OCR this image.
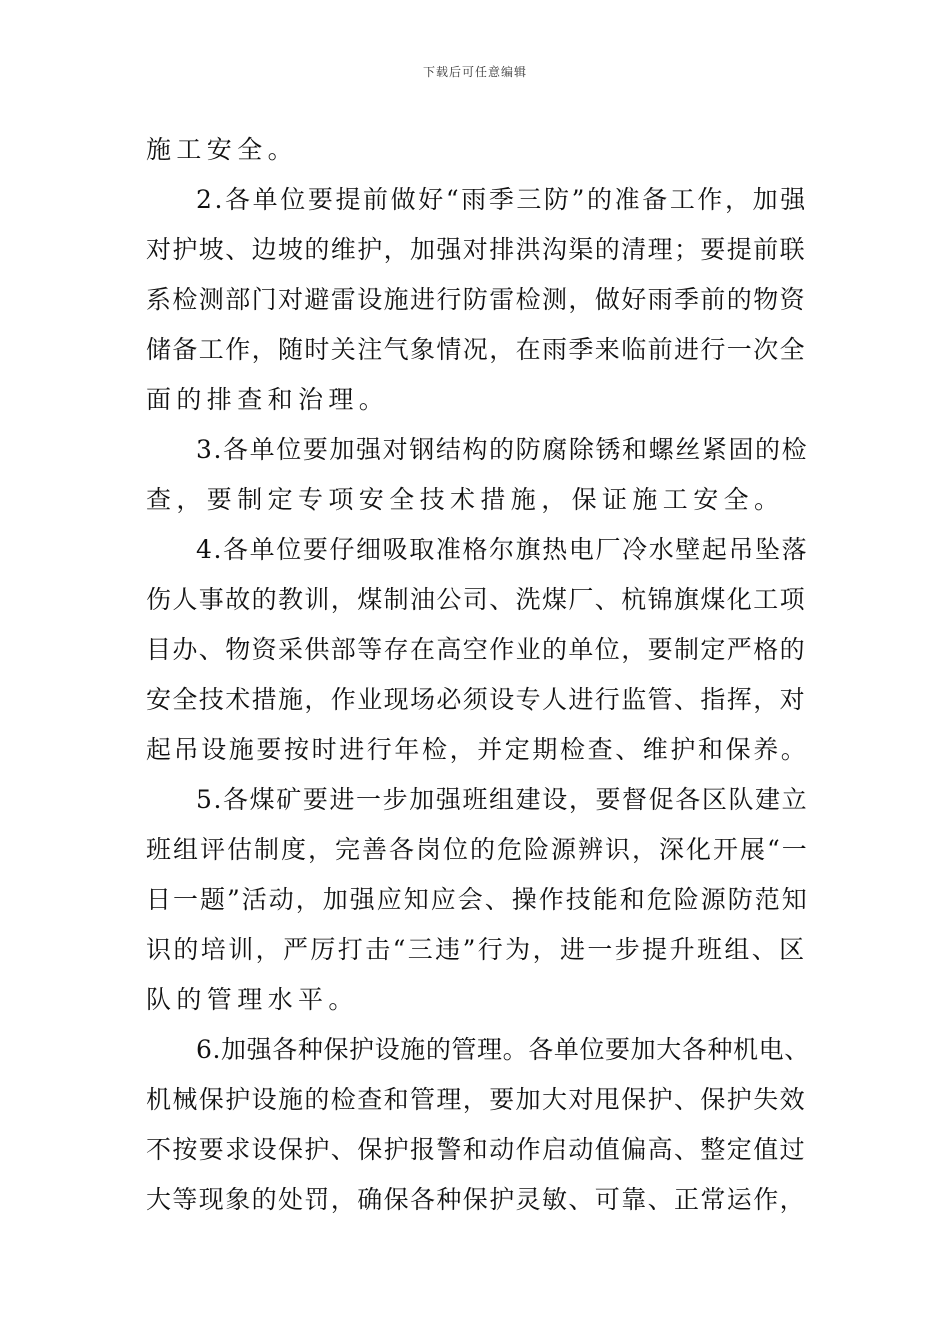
下载后可任意编辑
施工安全。
2.各单位要提前做好“雨季三防”的准备工作，加强
对护坡、边坡的维护，加强对排洪沟渠的清理；要提前联
系检测部门对避雷设施进行防雷检测，做好雨季前的物资
储备工作，随时关注气象情况，在雨季来临前进行一次全
面的排查和治理。
3.各单位要加强对钢结构的防腐除锈和螺丝紧固的检
查，要制定专项安全技术措施，保证施工安全。
4.各单位要仔细吸取准格尔旗热电厂冷水壁起吊坠落
伤人事故的教训，煤制油公司、洗煤厂、杭锦旗煤化工项
目办、物资采供部等存在高空作业的单位，要制定严格的
安全技术措施，作业现场必须设专人进行监管、指挥，对
起吊设施要按时进行年检，并定期检查、维护和保养。
5.各煤矿要进一步加强班组建设，要督促各区队建立
班组评估制度，完善各岗位的危险源辨识，深化开展“一
日一题”活动，加强应知应会、操作技能和危险源防范知
识的培训，严厉打击“三违”行为，进一步提升班组、区
队的管理水平。
6.加强各种保护设施的管理。各单位要加大各种机电、
机械保护设施的检查和管理，要加大对甩保护、保护失效
不按要求设保护、保护报警和动作启动值偏高、整定值过
大等现象的处罚，确保各种保护灵敏、可靠、正常运作，
